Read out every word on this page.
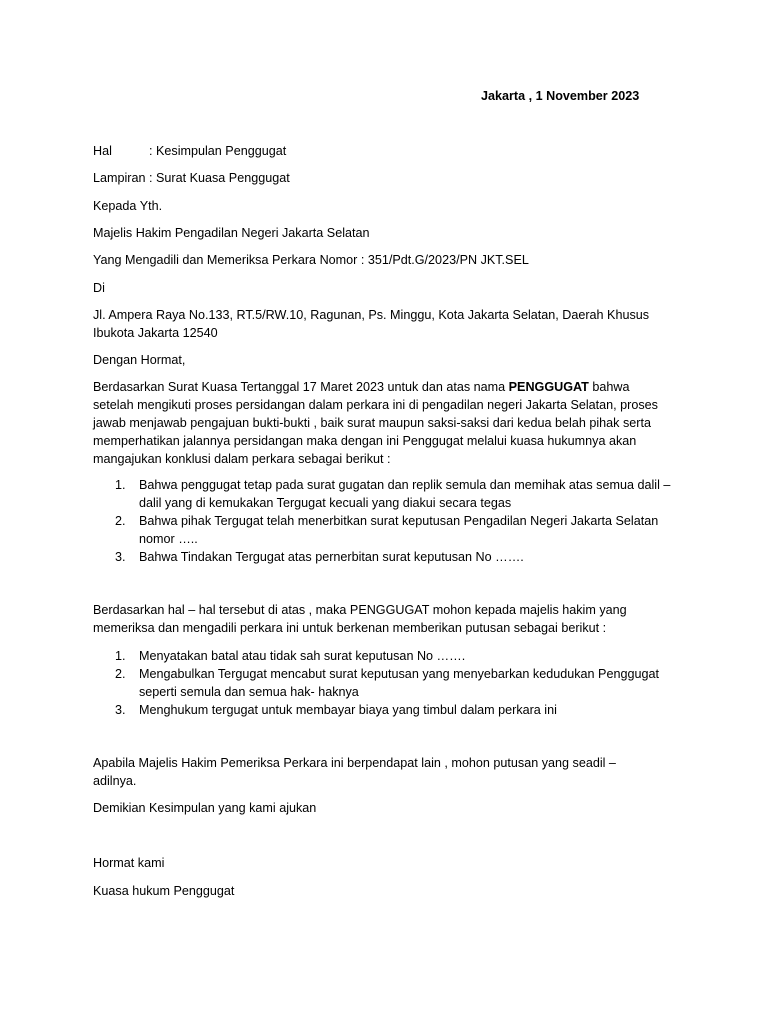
Jakarta , 1 November 2023
Hal	: Kesimpulan Penggugat
Lampiran : Surat Kuasa Penggugat
Kepada Yth.
Majelis Hakim Pengadilan Negeri Jakarta Selatan
Yang Mengadili dan Memeriksa Perkara Nomor : 351/Pdt.G/2023/PN JKT.SEL
Di
Jl. Ampera Raya No.133, RT.5/RW.10, Ragunan, Ps. Minggu, Kota Jakarta Selatan, Daerah Khusus
Ibukota Jakarta 12540
Dengan Hormat,
Berdasarkan Surat Kuasa Tertanggal 17 Maret 2023 untuk dan atas nama PENGGUGAT bahwa setelah mengikuti proses persidangan dalam perkara ini di pengadilan negeri Jakarta Selatan, proses jawab menjawab pengajuan bukti-bukti , baik surat maupun saksi-saksi dari kedua belah pihak serta memperhatikan jalannya persidangan maka dengan ini Penggugat melalui kuasa hukumnya akan mangajukan konklusi dalam perkara sebagai berikut :
1. Bahwa penggugat tetap pada surat gugatan dan replik semula dan memihak atas semua dalil – dalil yang di kemukakan Tergugat kecuali yang diakui secara tegas
2. Bahwa pihak Tergugat telah menerbitkan surat keputusan Pengadilan Negeri Jakarta Selatan nomor …..
3. Bahwa Tindakan Tergugat atas pernerbitan surat keputusan No …….
Berdasarkan hal – hal tersebut di atas , maka PENGGUGAT mohon kepada majelis hakim yang memeriksa dan mengadili perkara ini untuk berkenan memberikan putusan sebagai berikut :
1. Menyatakan batal atau tidak sah surat keputusan No …….
2. Mengabulkan Tergugat mencabut surat keputusan yang menyebarkan kedudukan Penggugat seperti semula dan semua hak- haknya
3. Menghukum tergugat untuk membayar biaya yang timbul dalam perkara ini
Apabila Majelis Hakim Pemeriksa Perkara ini berpendapat lain , mohon putusan yang seadil – adilnya.
Demikian Kesimpulan yang kami ajukan
Hormat kami
Kuasa hukum Penggugat
